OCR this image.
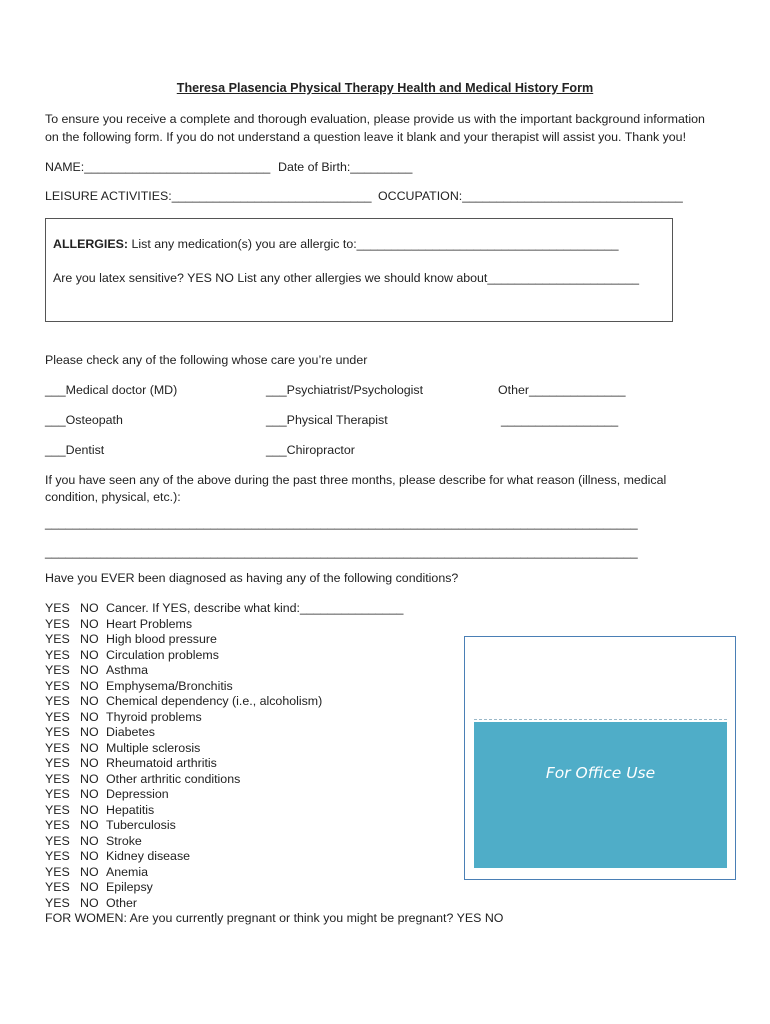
Theresa Plasencia Physical Therapy Health and Medical History Form
To ensure you receive a complete and thorough evaluation, please provide us with the important background information
on the following form. If you do not understand a question leave it blank and your therapist will assist you. Thank you!
NAME:___________________________ Date of Birth:_________
LEISURE ACTIVITIES:_____________________________ OCCUPATION:________________________________
ALLERGIES: List any medication(s) you are allergic to:______________________________________
Are you latex sensitive? YES NO List any other allergies we should know about______________________
Please check any of the following whose care you’re under
___Medical doctor (MD)	___Psychiatrist/Psychologist	Other______________
___Osteopath	___Physical Therapist	_________________
___Dentist	___Chiropractor
If you have seen any of the above during the past three months, please describe for what reason (illness, medical
condition, physical, etc.):
______________________________________________________________________________________
______________________________________________________________________________________
Have you EVER been diagnosed as having any of the following conditions?
YES NO Cancer. If YES, describe what kind:_______________
YES NO Heart Problems
YES NO High blood pressure
YES NO Circulation problems
YES NO Asthma
YES NO Emphysema/Bronchitis
YES NO Chemical dependency (i.e., alcoholism)
YES NO Thyroid problems
YES NO Diabetes
YES NO Multiple sclerosis
YES NO Rheumatoid arthritis
YES NO Other arthritic conditions
YES NO Depression
YES NO Hepatitis
YES NO Tuberculosis
YES NO Stroke
YES NO Kidney disease
YES NO Anemia
YES NO Epilepsy
YES NO Other
FOR WOMEN: Are you currently pregnant or think you might be pregnant? YES NO
For Office Use
